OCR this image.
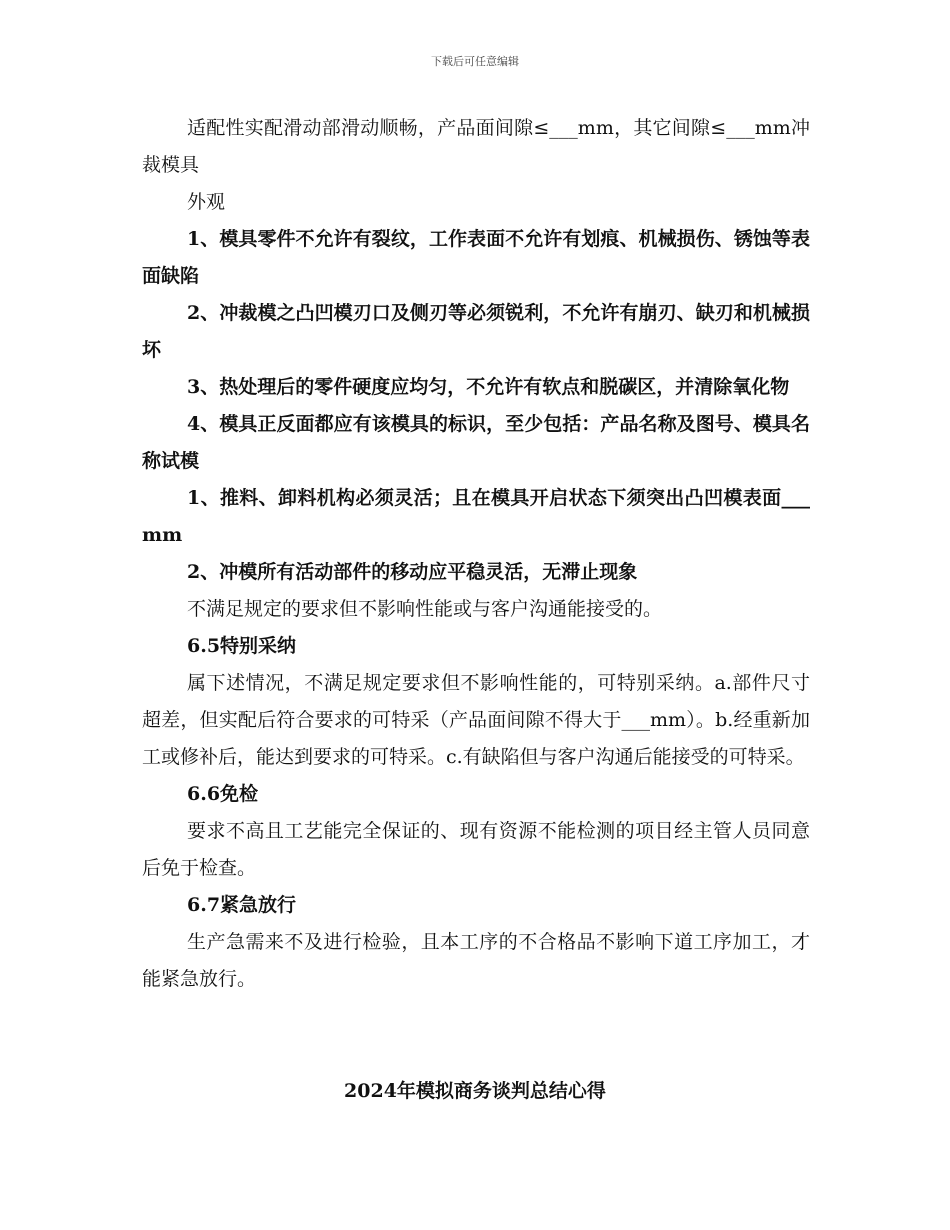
下载后可任意编辑

适配性实配滑动部滑动顺畅，产品面间隙≤___mm，其它间隙≤___mm冲裁模具

外观

1、模具零件不允许有裂纹，工作表面不允许有划痕、机械损伤、锈蚀等表面缺陷

2、冲裁模之凸凹模刃口及侧刃等必须锐利，不允许有崩刃、缺刃和机械损坏

3、热处理后的零件硬度应均匀，不允许有软点和脱碳区，并清除氧化物

4、模具正反面都应有该模具的标识，至少包括：产品名称及图号、模具名称试模

1、推料、卸料机构必须灵活；且在模具开启状态下须突出凸凹模表面___mm

2、冲模所有活动部件的移动应平稳灵活，无滞止现象

不满足规定的要求但不影响性能或与客户沟通能接受的。

6.5特别采纳

属下述情况，不满足规定要求但不影响性能的，可特别采纳。a.部件尺寸超差，但实配后符合要求的可特采（产品面间隙不得大于___mm）。b.经重新加工或修补后，能达到要求的可特采。c.有缺陷但与客户沟通后能接受的可特采。

6.6免检

要求不高且工艺能完全保证的、现有资源不能检测的项目经主管人员同意后免于检查。

6.7紧急放行

生产急需来不及进行检验，且本工序的不合格品不影响下道工序加工，才能紧急放行。

2024年模拟商务谈判总结心得
